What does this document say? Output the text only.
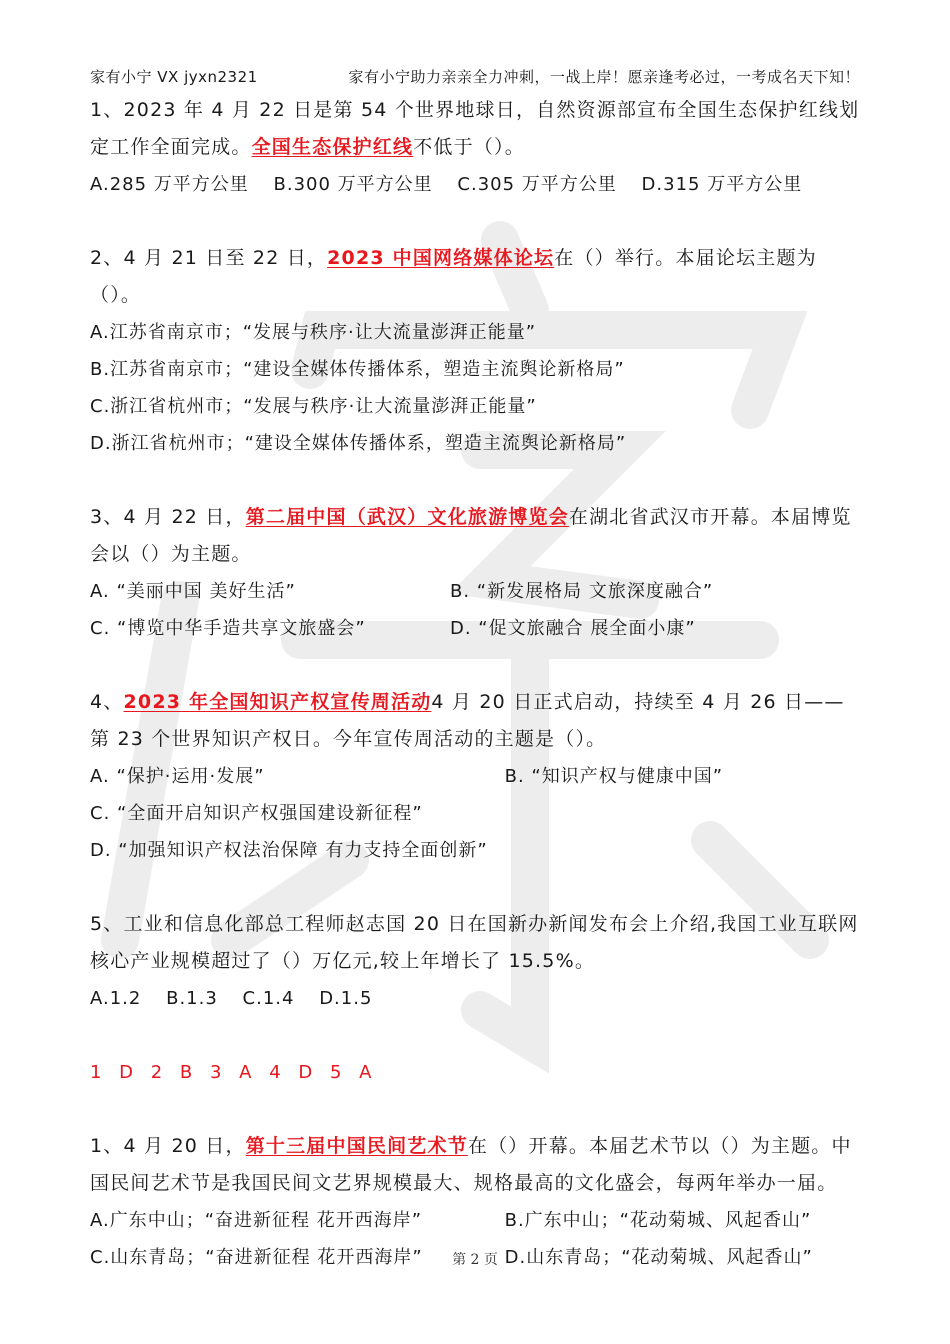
家有小宁 VX jyxn2321	家有小宁助力亲亲全力冲刺，一战上岸！愿亲逢考必过，一考成名天下知！

1、2023 年 4 月 22 日是第 54 个世界地球日，自然资源部宣布全国生态保护红线划定工作全面完成。全国生态保护红线不低于（）。

A.285 万平方公里 B.300 万平方公里 C.305 万平方公里 D.315 万平方公里

2、4 月 21 日至 22 日，2023 中国网络媒体论坛在（）举行。本届论坛主题为（）。

A.江苏省南京市；“发展与秩序·让大流量澎湃正能量”
B.江苏省南京市；“建设全媒体传播体系，塑造主流舆论新格局”
C.浙江省杭州市；“发展与秩序·让大流量澎湃正能量”
D.浙江省杭州市；“建设全媒体传播体系，塑造主流舆论新格局”

3、4 月 22 日，第二届中国（武汉）文化旅游博览会在湖北省武汉市开幕。本届博览会以（）为主题。

A. “美丽中国 美好生活”	B. “新发展格局 文旅深度融合”
C. “博览中华手造共享文旅盛会”	D. “促文旅融合 展全面小康”

4、2023 年全国知识产权宣传周活动4 月 20 日正式启动，持续至 4 月 26 日——第 23 个世界知识产权日。今年宣传周活动的主题是（）。

A. “保护·运用·发展”	B. “知识产权与健康中国”
C. “全面开启知识产权强国建设新征程”
D. “加强知识产权法治保障 有力支持全面创新”

5、工业和信息化部总工程师赵志国 20 日在国新办新闻发布会上介绍,我国工业互联网核心产业规模超过了（）万亿元,较上年增长了 15.5%。

A.1.2 B.1.3 C.1.4 D.1.5
1 D 2 B 3 A 4 D 5 A

1、4 月 20 日，第十三届中国民间艺术节在（）开幕。本届艺术节以（）为主题。中国民间艺术节是我国民间文艺界规模最大、规格最高的文化盛会，每两年举办一届。

A.广东中山；“奋进新征程 花开西海岸”	B.广东中山；“花动菊城、风起香山”
C.山东青岛；“奋进新征程 花开西海岸”	D.山东青岛；“花动菊城、风起香山”
第 2 页
